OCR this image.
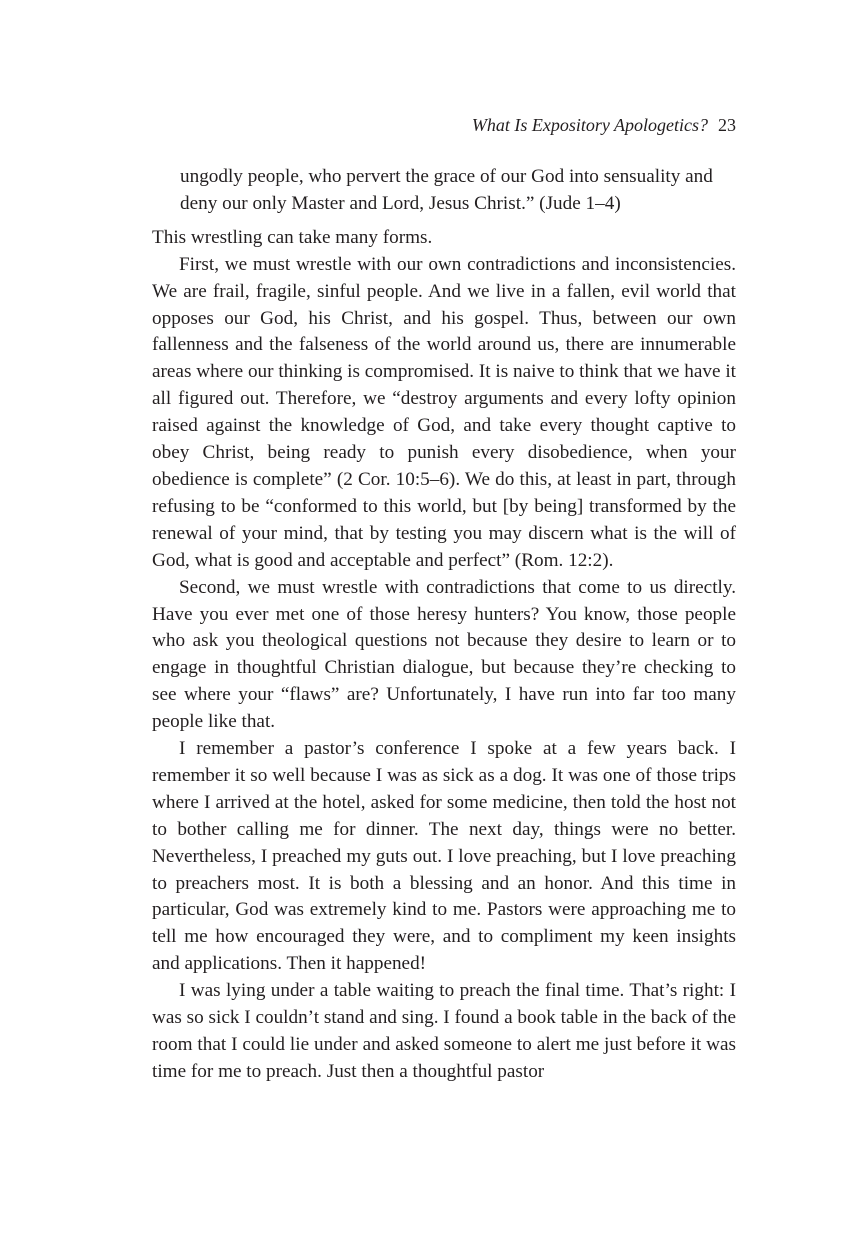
What Is Expository Apologetics? 23

ungodly people, who pervert the grace of our God into sensuality and deny our only Master and Lord, Jesus Christ.” (Jude 1–4)

This wrestling can take many forms.

First, we must wrestle with our own contradictions and inconsistencies. We are frail, fragile, sinful people. And we live in a fallen, evil world that opposes our God, his Christ, and his gospel. Thus, between our own fallenness and the falseness of the world around us, there are innumerable areas where our thinking is compromised. It is naive to think that we have it all figured out. Therefore, we “destroy arguments and every lofty opinion raised against the knowledge of God, and take every thought captive to obey Christ, being ready to punish every disobedience, when your obedience is complete” (2 Cor. 10:5–6). We do this, at least in part, through refusing to be “conformed to this world, but [by being] transformed by the renewal of your mind, that by testing you may discern what is the will of God, what is good and acceptable and perfect” (Rom. 12:2).

Second, we must wrestle with contradictions that come to us directly. Have you ever met one of those heresy hunters? You know, those people who ask you theological questions not because they desire to learn or to engage in thoughtful Christian dialogue, but because they’re checking to see where your “flaws” are? Unfortunately, I have run into far too many people like that.

I remember a pastor’s conference I spoke at a few years back. I remember it so well because I was as sick as a dog. It was one of those trips where I arrived at the hotel, asked for some medicine, then told the host not to bother calling me for dinner. The next day, things were no better. Nevertheless, I preached my guts out. I love preaching, but I love preaching to preachers most. It is both a blessing and an honor. And this time in particular, God was extremely kind to me. Pastors were approaching me to tell me how encouraged they were, and to compliment my keen insights and applications. Then it happened!

I was lying under a table waiting to preach the final time. That’s right: I was so sick I couldn’t stand and sing. I found a book table in the back of the room that I could lie under and asked someone to alert me just before it was time for me to preach. Just then a thoughtful pastor
